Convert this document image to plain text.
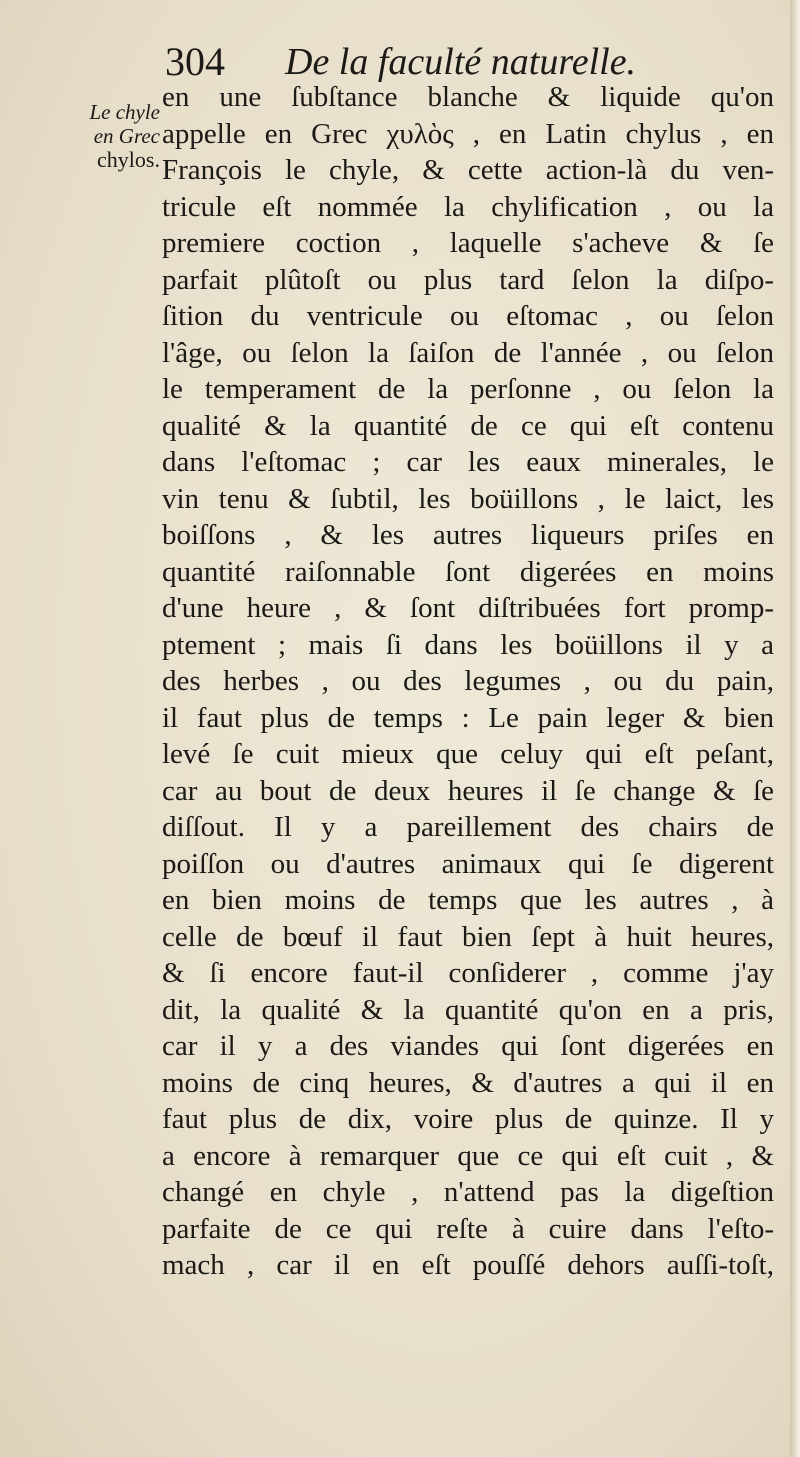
304 De la faculté naturelle.
Le chyle
en Grec
chylos.
en une ſubſtance blanche & liquide qu'on
appelle en Grec χυλὸς , en Latin chylus , en
François le chyle, & cette action-là du ven-
tricule eſt nommée la chylification , ou la
premiere coction , laquelle s'acheve & ſe
parfait plûtoſt ou plus tard ſelon la diſpo-
ſition du ventricule ou eſtomac , ou ſelon
l'âge, ou ſelon la ſaiſon de l'année , ou ſelon
le temperament de la perſonne , ou ſelon la
qualité & la quantité de ce qui eſt contenu
dans l'eſtomac ; car les eaux minerales, le
vin tenu & ſubtil, les boüillons , le laict, les
boiſſons , & les autres liqueurs priſes en
quantité raiſonnable ſont digerées en moins
d'une heure , & ſont diſtribuées fort promp-
ptement ; mais ſi dans les boüillons il y a
des herbes , ou des legumes , ou du pain,
il faut plus de temps : Le pain leger & bien
levé ſe cuit mieux que celuy qui eſt peſant,
car au bout de deux heures il ſe change & ſe
diſſout. Il y a pareillement des chairs de
poiſſon ou d'autres animaux qui ſe digerent
en bien moins de temps que les autres , à
celle de bœuf il faut bien ſept à huit heures,
& ſi encore faut-il conſiderer , comme j'ay
dit, la qualité & la quantité qu'on en a pris,
car il y a des viandes qui ſont digerées en
moins de cinq heures, & d'autres a qui il en
faut plus de dix, voire plus de quinze. Il y
a encore à remarquer que ce qui eſt cuit , &
changé en chyle , n'attend pas la digeſtion
parfaite de ce qui reſte à cuire dans l'eſto-
mach , car il en eſt pouſſé dehors auſſi-toſt,
